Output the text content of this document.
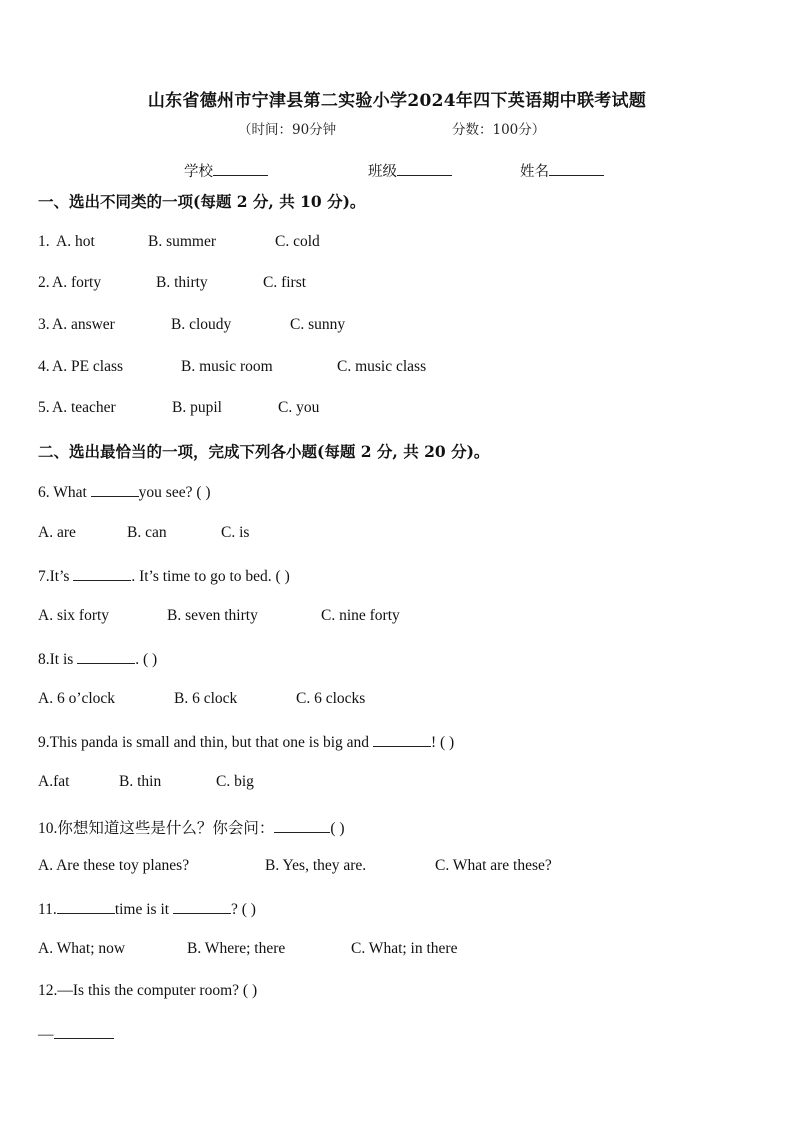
山东省德州市宁津县第二实验小学2024年四下英语期中联考试题
（时间：90分钟	分数：100分）
学校	班级	姓名
一、选出不同类的一项(每题 2 分, 共 10 分)。
1. A. hot	B. summer	C. cold
2. A. forty	B. thirty	C. first
3. A. answer	B. cloudy	C. sunny
4. A. PE class	B. music room	C. music class
5. A. teacher	B. pupil	C. you
二、选出最恰当的一项，完成下列各小题(每题 2 分, 共 20 分)。
6. What	you see? ( )
A. are	B. can	C. is
7.It’s	. It’s time to go to bed. ( )
A. six forty	B. seven thirty	C. nine forty
8.It is	. ( )
A. 6 o’clock	B. 6 clock	C. 6 clocks
9.This panda is small and thin, but that one is big and	! ( )
A.fat	B. thin	C. big
10.你想知道这些是什么？你会问：	( )
A. Are these toy planes?	B. Yes, they are.	C. What are these?
11.	time is it	? ( )
A. What; now	B. Where; there	C. What; in there
12.—Is this the computer room? ( )
—
